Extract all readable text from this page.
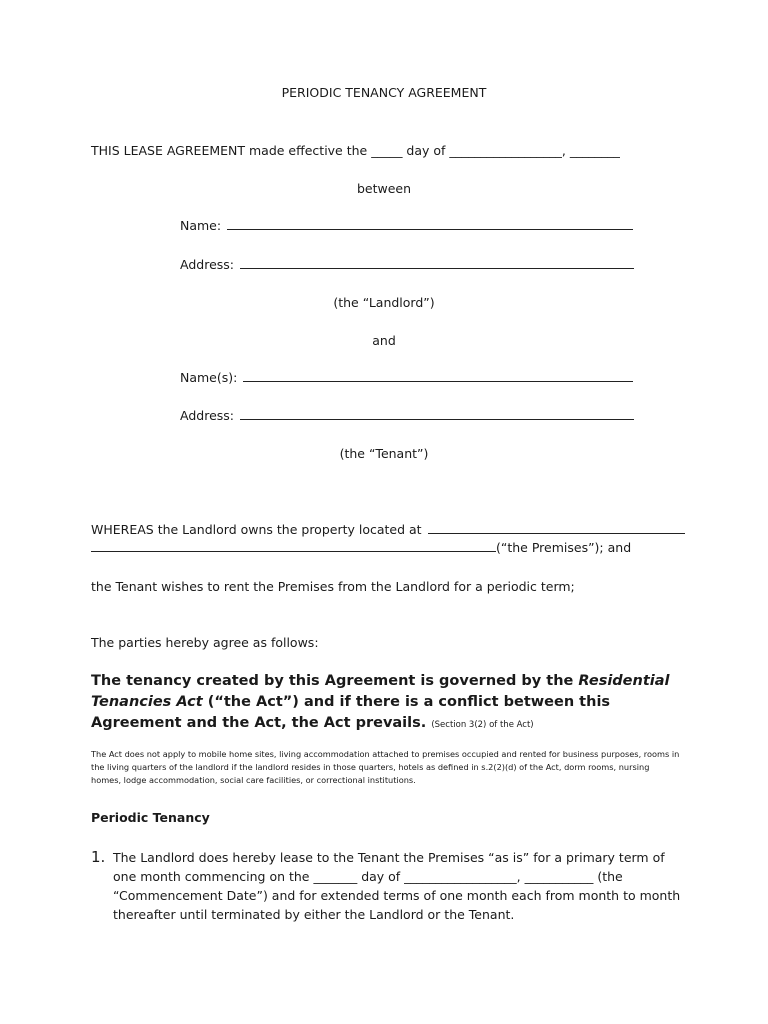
PERIODIC TENANCY AGREEMENT
THIS LEASE AGREEMENT made effective the _____ day of __________________, ________
between
Name:
Address:
(the “Landlord”)
and
Name(s):
Address:
(the “Tenant”)
WHEREAS the Landlord owns the property located at
(“the Premises”); and
the Tenant wishes to rent the Premises from the Landlord for a periodic term;
The parties hereby agree as follows:
The tenancy created by this Agreement is governed by the Residential Tenancies Act (“the Act”) and if there is a conflict between this Agreement and the Act, the Act prevails. (Section 3(2) of the Act)
The Act does not apply to mobile home sites, living accommodation attached to premises occupied and rented for business purposes, rooms in the living quarters of the landlord if the landlord resides in those quarters, hotels as defined in s.2(2)(d) of the Act, dorm rooms, nursing homes, lodge accommodation, social care facilities, or correctional institutions.
Periodic Tenancy
1. The Landlord does hereby lease to the Tenant the Premises “as is” for a primary term of one month commencing on the _______ day of __________________, ___________ (the “Commencement Date”) and for extended terms of one month each from month to month thereafter until terminated by either the Landlord or the Tenant.
